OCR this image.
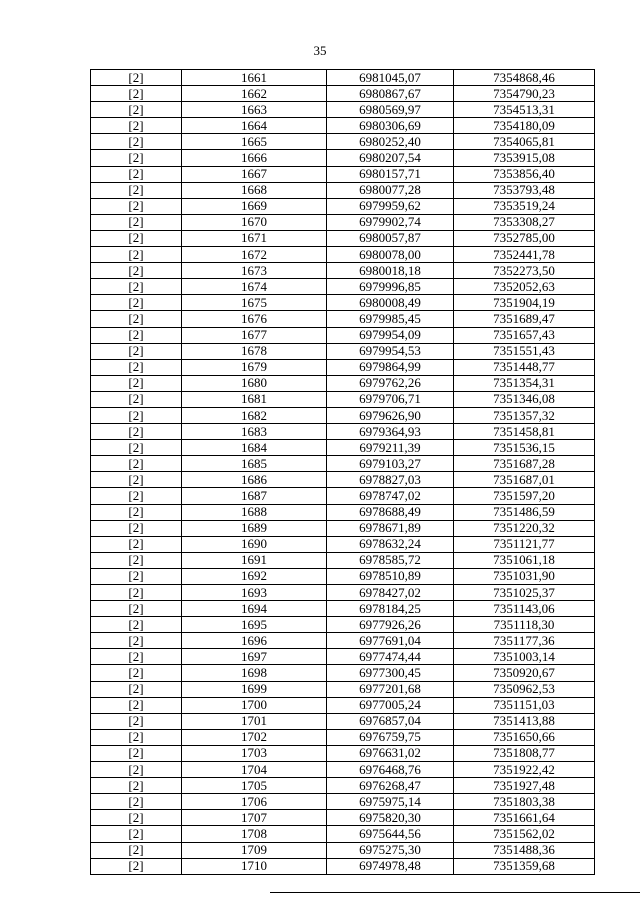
35
[2]	1661	6981045,07	7354868,46
[2]	1662	6980867,67	7354790,23
[2]	1663	6980569,97	7354513,31
[2]	1664	6980306,69	7354180,09
[2]	1665	6980252,40	7354065,81
[2]	1666	6980207,54	7353915,08
[2]	1667	6980157,71	7353856,40
[2]	1668	6980077,28	7353793,48
[2]	1669	6979959,62	7353519,24
[2]	1670	6979902,74	7353308,27
[2]	1671	6980057,87	7352785,00
[2]	1672	6980078,00	7352441,78
[2]	1673	6980018,18	7352273,50
[2]	1674	6979996,85	7352052,63
[2]	1675	6980008,49	7351904,19
[2]	1676	6979985,45	7351689,47
[2]	1677	6979954,09	7351657,43
[2]	1678	6979954,53	7351551,43
[2]	1679	6979864,99	7351448,77
[2]	1680	6979762,26	7351354,31
[2]	1681	6979706,71	7351346,08
[2]	1682	6979626,90	7351357,32
[2]	1683	6979364,93	7351458,81
[2]	1684	6979211,39	7351536,15
[2]	1685	6979103,27	7351687,28
[2]	1686	6978827,03	7351687,01
[2]	1687	6978747,02	7351597,20
[2]	1688	6978688,49	7351486,59
[2]	1689	6978671,89	7351220,32
[2]	1690	6978632,24	7351121,77
[2]	1691	6978585,72	7351061,18
[2]	1692	6978510,89	7351031,90
[2]	1693	6978427,02	7351025,37
[2]	1694	6978184,25	7351143,06
[2]	1695	6977926,26	7351118,30
[2]	1696	6977691,04	7351177,36
[2]	1697	6977474,44	7351003,14
[2]	1698	6977300,45	7350920,67
[2]	1699	6977201,68	7350962,53
[2]	1700	6977005,24	7351151,03
[2]	1701	6976857,04	7351413,88
[2]	1702	6976759,75	7351650,66
[2]	1703	6976631,02	7351808,77
[2]	1704	6976468,76	7351922,42
[2]	1705	6976268,47	7351927,48
[2]	1706	6975975,14	7351803,38
[2]	1707	6975820,30	7351661,64
[2]	1708	6975644,56	7351562,02
[2]	1709	6975275,30	7351488,36
[2]	1710	6974978,48	7351359,68
